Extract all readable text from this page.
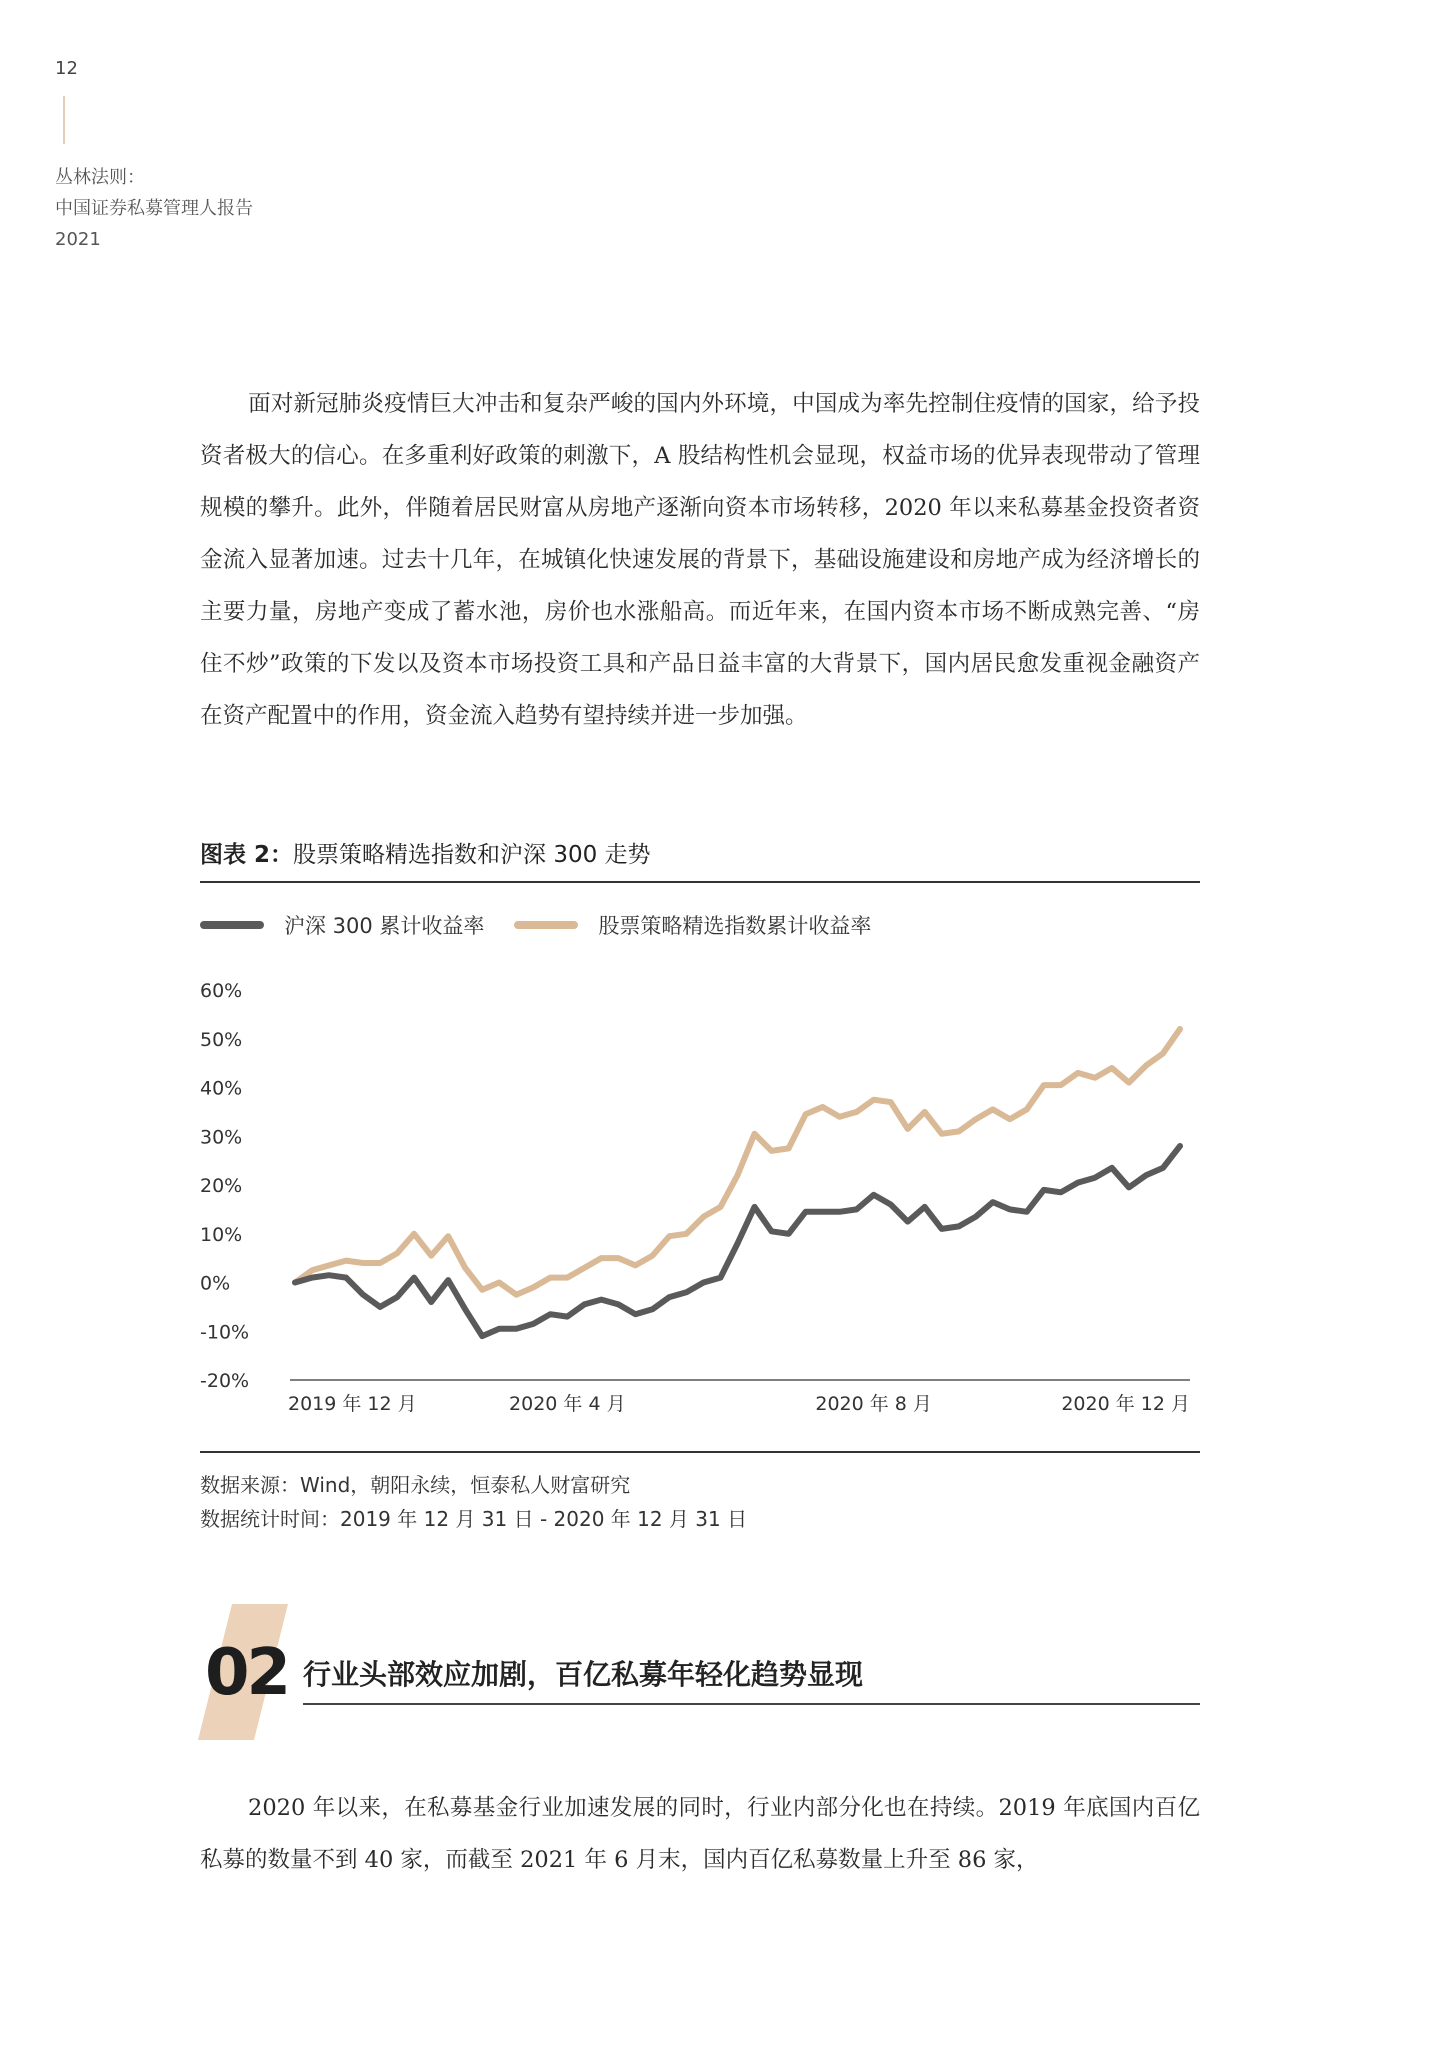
12
丛林法则：
中国证券私募管理人报告
2021
面对新冠肺炎疫情巨大冲击和复杂严峻的国内外环境，中国成为率先控制住疫情的国家，给予投资者极大的信心。在多重利好政策的刺激下，A 股结构性机会显现，权益市场的优异表现带动了管理规模的攀升。此外，伴随着居民财富从房地产逐渐向资本市场转移，2020 年以来私募基金投资者资金流入显著加速。过去十几年，在城镇化快速发展的背景下，基础设施建设和房地产成为经济增长的主要力量，房地产变成了蓄水池，房价也水涨船高。而近年来，在国内资本市场不断成熟完善、“房住不炒”政策的下发以及资本市场投资工具和产品日益丰富的大背景下，国内居民愈发重视金融资产在资产配置中的作用，资金流入趋势有望持续并进一步加强。
图表 2：股票策略精选指数和沪深 300 走势
沪深 300 累计收益率	股票策略精选指数累计收益率
60%
50%
40%
30%
20%
10%
0%
-10%
-20%
2019 年 12 月	2020 年 4 月	2020 年 8 月	2020 年 12 月
数据来源：Wind，朝阳永续，恒泰私人财富研究
数据统计时间：2019 年 12 月 31 日 - 2020 年 12 月 31 日
02 行业头部效应加剧，百亿私募年轻化趋势显现
2020 年以来，在私募基金行业加速发展的同时，行业内部分化也在持续。2019 年底国内百亿私募的数量不到 40 家，而截至 2021 年 6 月末，国内百亿私募数量上升至 86 家，
